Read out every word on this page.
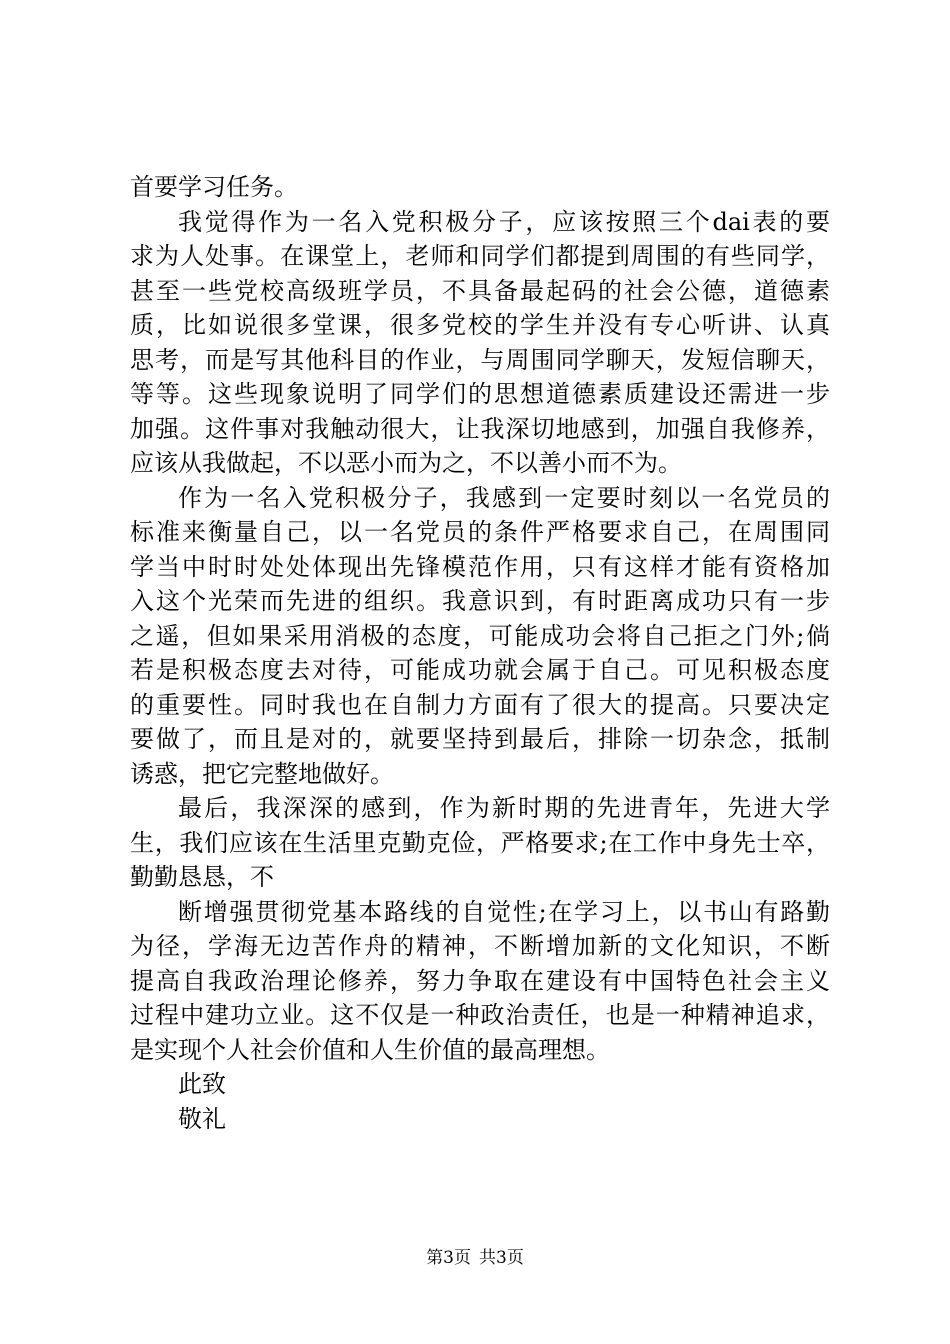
首要学习任务。
我觉得作为一名入党积极分子，应该按照三个dai表的要
求为人处事。在课堂上，老师和同学们都提到周围的有些同学，
甚至一些党校高级班学员，不具备最起码的社会公德，道德素
质，比如说很多堂课，很多党校的学生并没有专心听讲、认真
思考，而是写其他科目的作业，与周围同学聊天，发短信聊天，
等等。这些现象说明了同学们的思想道德素质建设还需进一步
加强。这件事对我触动很大，让我深切地感到，加强自我修养，
应该从我做起，不以恶小而为之，不以善小而不为。
作为一名入党积极分子，我感到一定要时刻以一名党员的
标准来衡量自己，以一名党员的条件严格要求自己，在周围同
学当中时时处处体现出先锋模范作用，只有这样才能有资格加
入这个光荣而先进的组织。我意识到，有时距离成功只有一步
之遥，但如果采用消极的态度，可能成功会将自己拒之门外;倘
若是积极态度去对待，可能成功就会属于自己。可见积极态度
的重要性。同时我也在自制力方面有了很大的提高。只要决定
要做了，而且是对的，就要坚持到最后，排除一切杂念，抵制
诱惑，把它完整地做好。
最后，我深深的感到，作为新时期的先进青年，先进大学
生，我们应该在生活里克勤克俭，严格要求;在工作中身先士卒，
勤勤恳恳，不
断增强贯彻党基本路线的自觉性;在学习上，以书山有路勤
为径，学海无边苦作舟的精神，不断增加新的文化知识，不断
提高自我政治理论修养，努力争取在建设有中国特色社会主义
过程中建功立业。这不仅是一种政治责任，也是一种精神追求，
是实现个人社会价值和人生价值的最高理想。
此致
敬礼
第3页 共3页
